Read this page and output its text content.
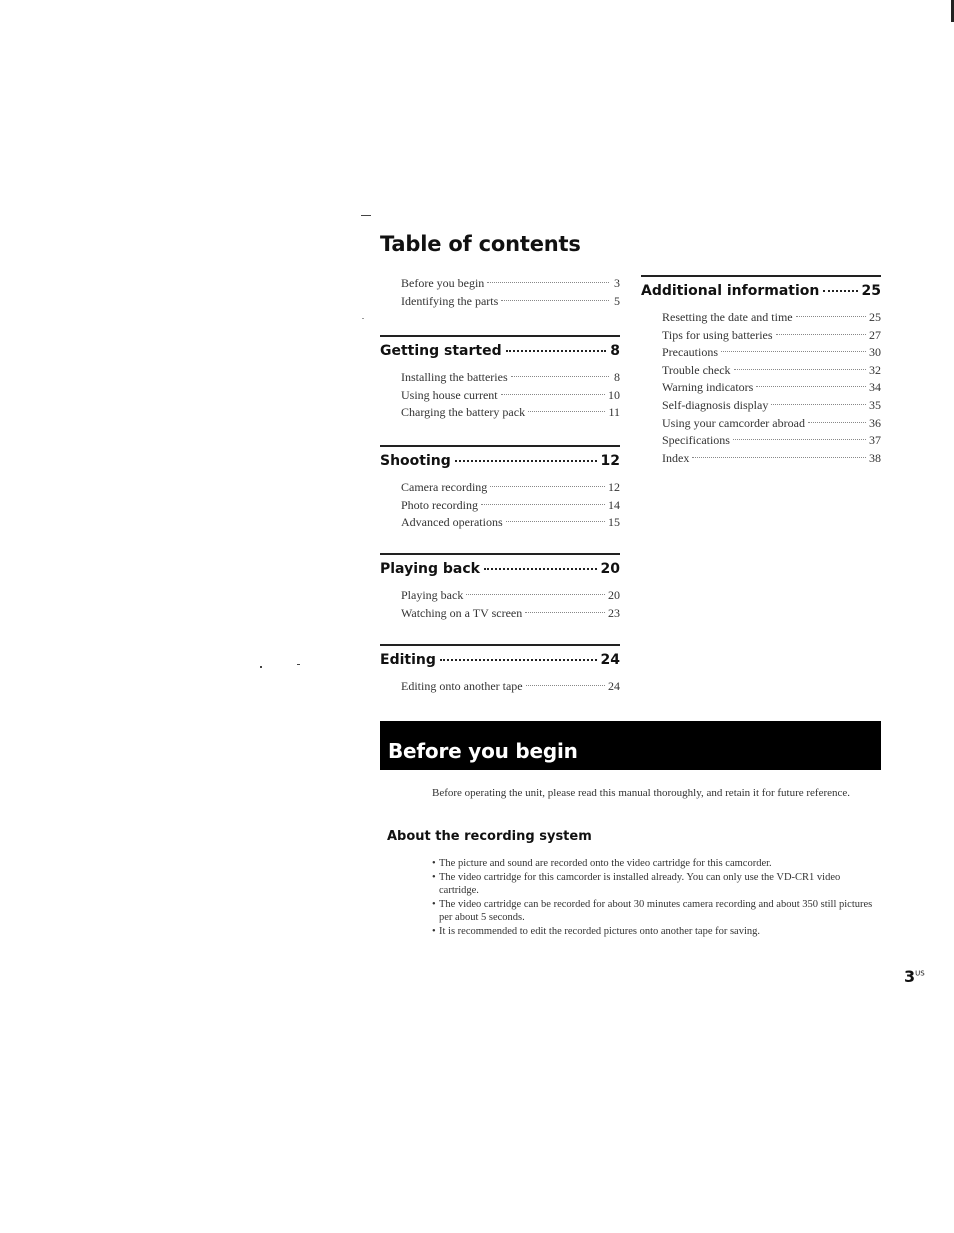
Table of contents
Before you begin	3
Identifying the parts	5
Getting started	8
Installing the batteries	8
Using house current	10
Charging the battery pack	11
Shooting	12
Camera recording	12
Photo recording	14
Advanced operations	15
Playing back	20
Playing back	20
Watching on a TV screen	23
Editing	24
Editing onto another tape	24
Additional information	25
Resetting the date and time	25
Tips for using batteries	27
Precautions	30
Trouble check	32
Warning indicators	34
Self-diagnosis display	35
Using your camcorder abroad	36
Specifications	37
Index	38
Before you begin

Before operating the unit, please read this manual thoroughly, and retain it for future reference.

About the recording system
• The picture and sound are recorded onto the video cartridge for this camcorder.
• The video cartridge for this camcorder is installed already. You can only use the VD-CR1 video cartridge.
• The video cartridge can be recorded for about 30 minutes camera recording and about 350 still pictures per about 5 seconds.
• It is recommended to edit the recorded pictures onto another tape for saving.
$3^{US}$
